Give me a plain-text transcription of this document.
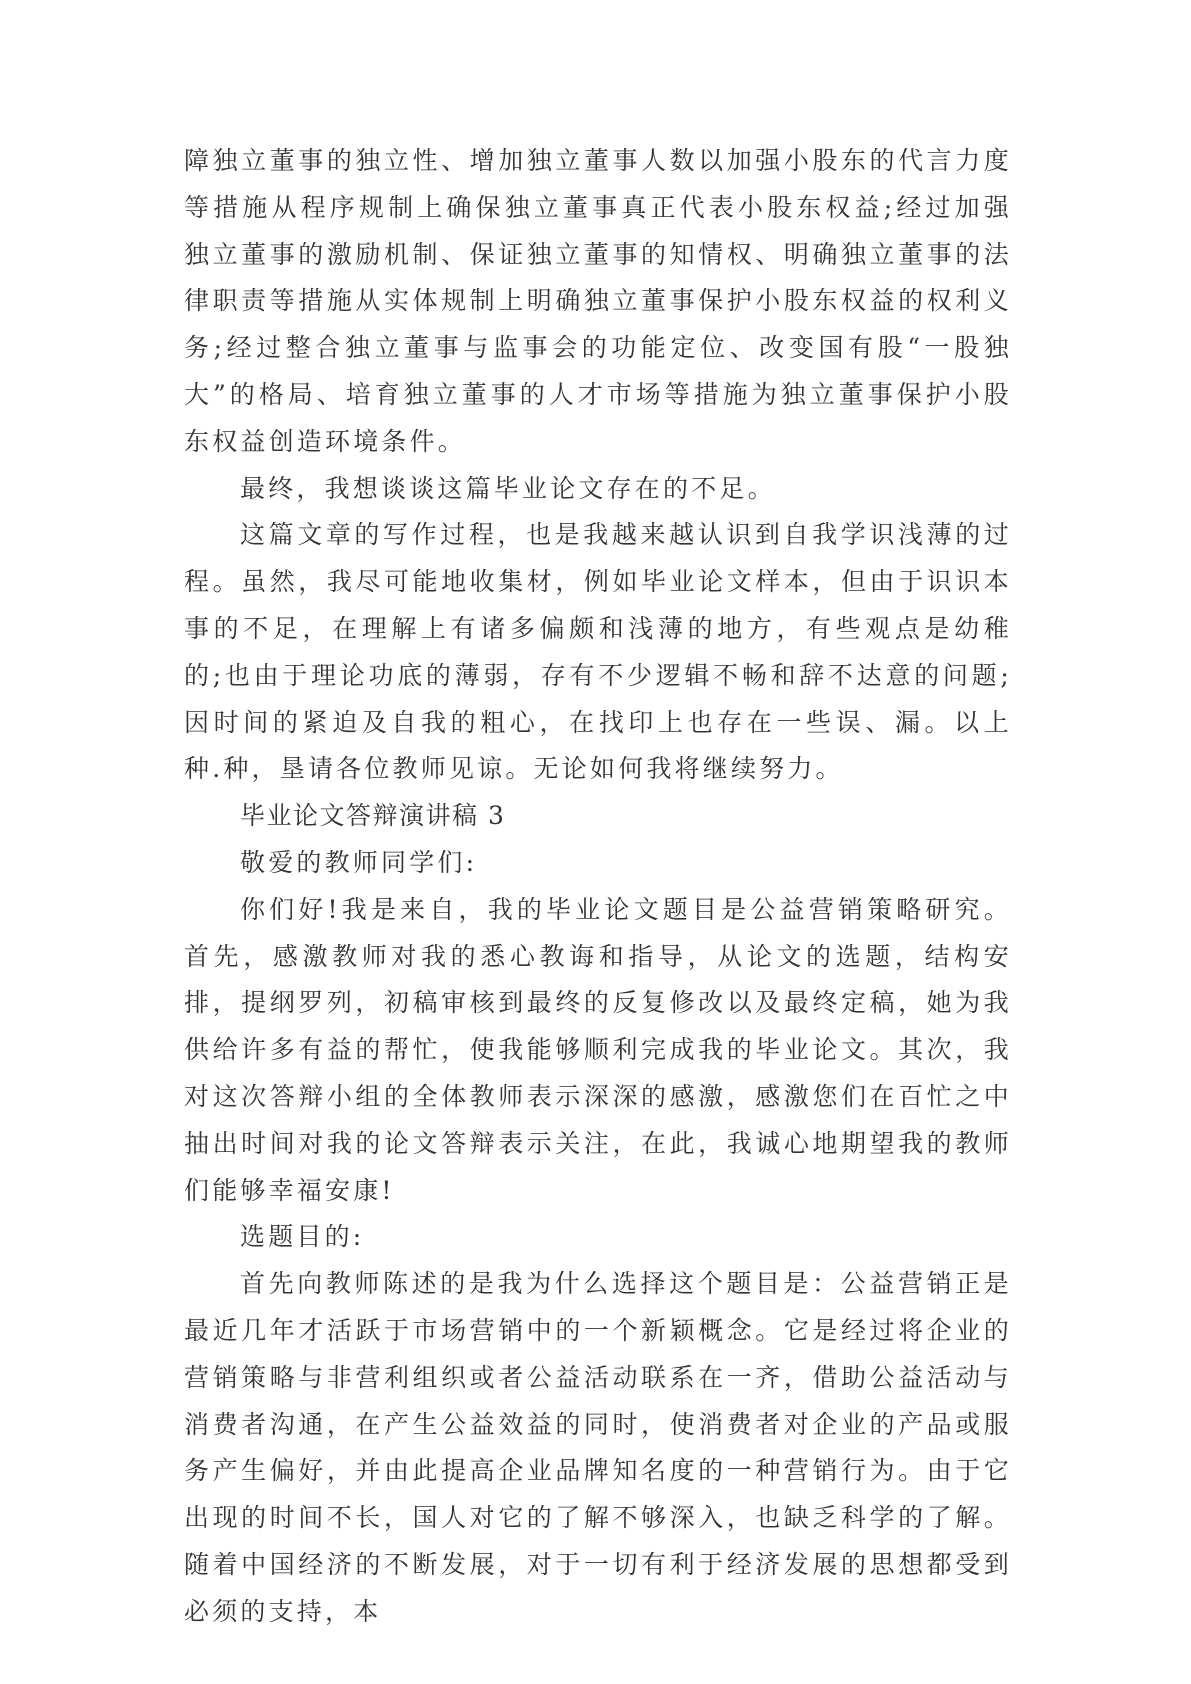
障独立董事的独立性、增加独立董事人数以加强小股东的代言力度等措施从程序规制上确保独立董事真正代表小股东权益;经过加强独立董事的激励机制、保证独立董事的知情权、明确独立董事的法律职责等措施从实体规制上明确独立董事保护小股东权益的权利义务;经过整合独立董事与监事会的功能定位、改变国有股“一股独大”的格局、培育独立董事的人才市场等措施为独立董事保护小股东权益创造环境条件。

最终，我想谈谈这篇毕业论文存在的不足。

这篇文章的写作过程，也是我越来越认识到自我学识浅薄的过程。虽然，我尽可能地收集材，例如毕业论文样本，但由于识识本事的不足，在理解上有诸多偏颇和浅薄的地方，有些观点是幼稚的;也由于理论功底的薄弱，存有不少逻辑不畅和辞不达意的问题;因时间的紧迫及自我的粗心，在找印上也存在一些误、漏。以上种.种，垦请各位教师见谅。无论如何我将继续努力。

毕业论文答辩演讲稿 3

敬爱的教师同学们:

你们好!我是来自，我的毕业论文题目是公益营销策略研究。首先，感激教师对我的悉心教诲和指导，从论文的选题，结构安排，提纲罗列，初稿审核到最终的反复修改以及最终定稿，她为我供给许多有益的帮忙，使我能够顺利完成我的毕业论文。其次，我对这次答辩小组的全体教师表示深深的感激，感激您们在百忙之中抽出时间对我的论文答辩表示关注，在此，我诚心地期望我的教师们能够幸福安康!

选题目的:

首先向教师陈述的是我为什么选择这个题目是：公益营销正是最近几年才活跃于市场营销中的一个新颖概念。它是经过将企业的营销策略与非营利组织或者公益活动联系在一齐，借助公益活动与消费者沟通，在产生公益效益的同时，使消费者对企业的产品或服务产生偏好，并由此提高企业品牌知名度的一种营销行为。由于它出现的时间不长，国人对它的了解不够深入，也缺乏科学的了解。随着中国经济的不断发展，对于一切有利于经济发展的思想都受到必须的支持，本
